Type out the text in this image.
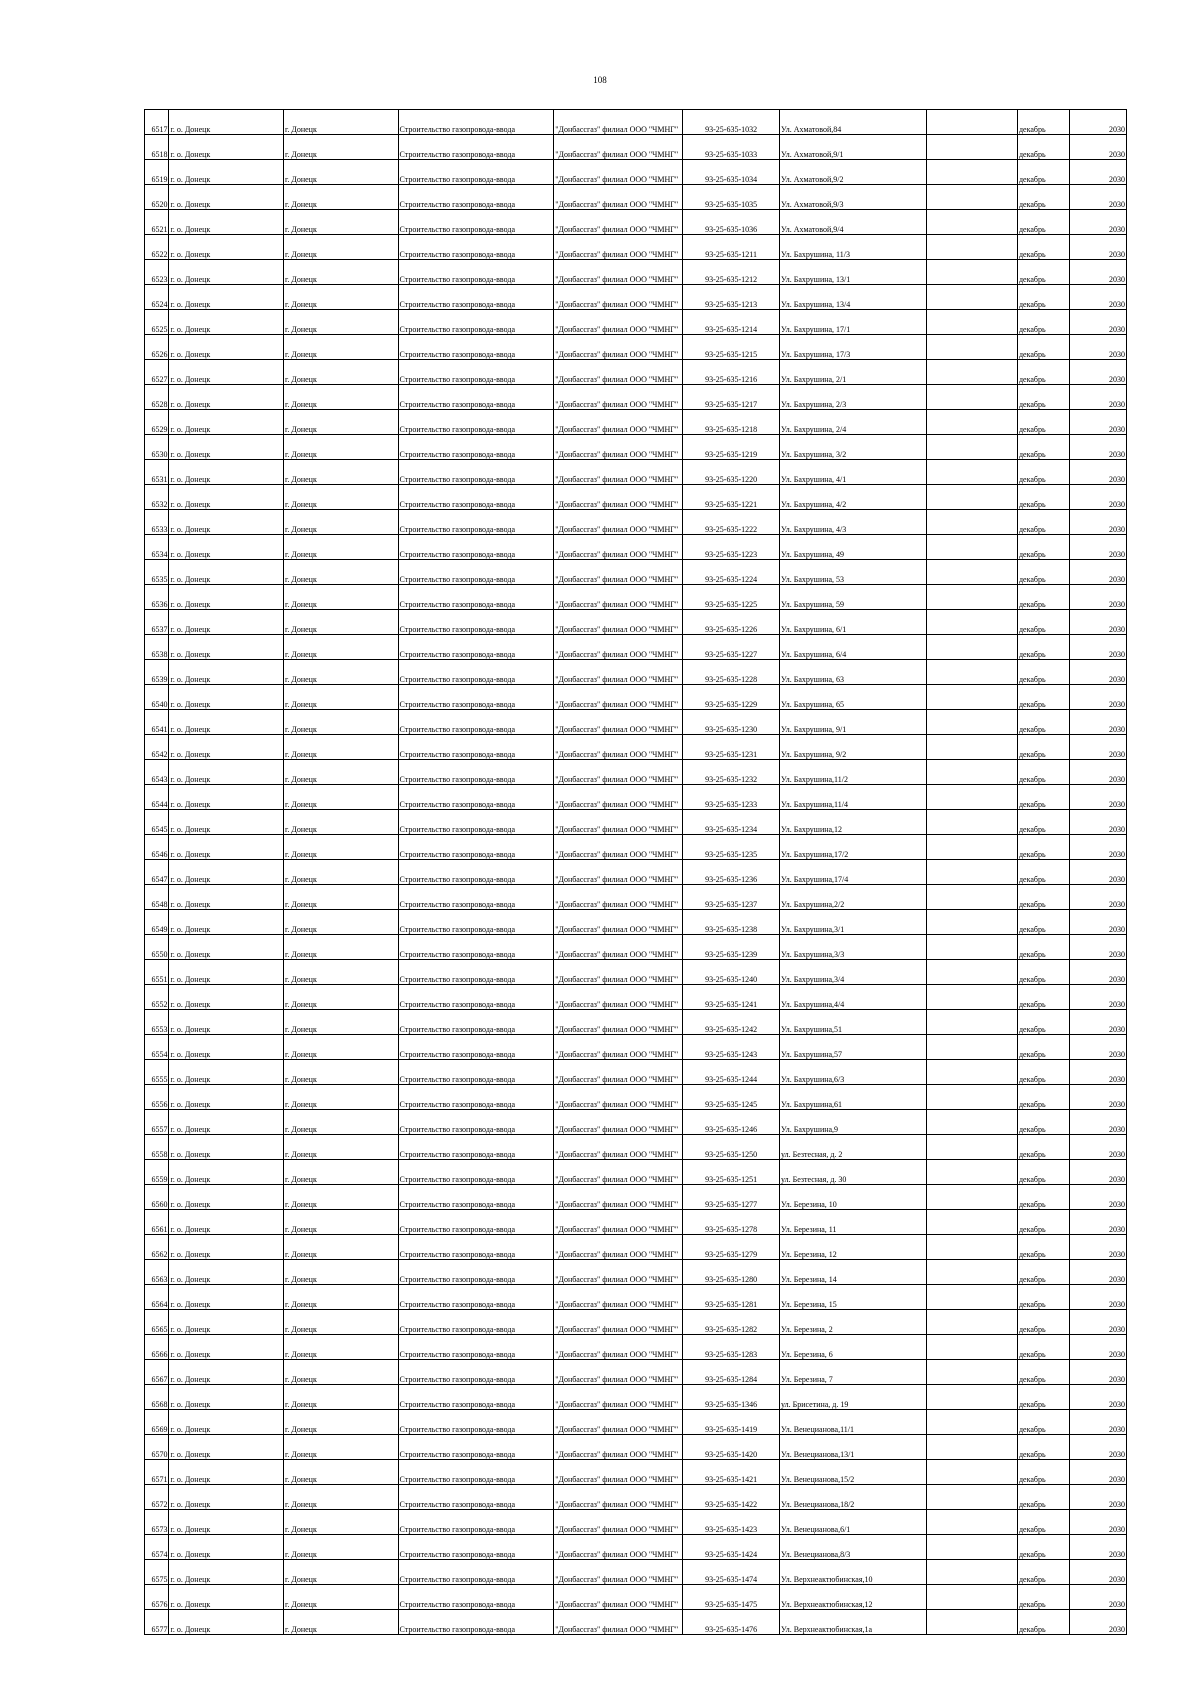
108
6517	г. о. Донецк	г. Донецк	Строительство газопровода-ввода	"Донбассгаз" филиал ООО "ЧМНГ"	93-25-635-1032	Ул. Ахматовой,84		декабрь	2030
6518	г. о. Донецк	г. Донецк	Строительство газопровода-ввода	"Донбассгаз" филиал ООО "ЧМНГ"	93-25-635-1033	Ул. Ахматовой,9/1		декабрь	2030
6519	г. о. Донецк	г. Донецк	Строительство газопровода-ввода	"Донбассгаз" филиал ООО "ЧМНГ"	93-25-635-1034	Ул. Ахматовой,9/2		декабрь	2030
6520	г. о. Донецк	г. Донецк	Строительство газопровода-ввода	"Донбассгаз" филиал ООО "ЧМНГ"	93-25-635-1035	Ул. Ахматовой,9/3		декабрь	2030
6521	г. о. Донецк	г. Донецк	Строительство газопровода-ввода	"Донбассгаз" филиал ООО "ЧМНГ"	93-25-635-1036	Ул. Ахматовой,9/4		декабрь	2030
6522	г. о. Донецк	г. Донецк	Строительство газопровода-ввода	"Донбассгаз" филиал ООО "ЧМНГ"	93-25-635-1211	Ул. Бахрушина, 11/3		декабрь	2030
6523	г. о. Донецк	г. Донецк	Строительство газопровода-ввода	"Донбассгаз" филиал ООО "ЧМНГ"	93-25-635-1212	Ул. Бахрушина, 13/1		декабрь	2030
6524	г. о. Донецк	г. Донецк	Строительство газопровода-ввода	"Донбассгаз" филиал ООО "ЧМНГ"	93-25-635-1213	Ул. Бахрушина, 13/4		декабрь	2030
6525	г. о. Донецк	г. Донецк	Строительство газопровода-ввода	"Донбассгаз" филиал ООО "ЧМНГ"	93-25-635-1214	Ул. Бахрушина, 17/1		декабрь	2030
6526	г. о. Донецк	г. Донецк	Строительство газопровода-ввода	"Донбассгаз" филиал ООО "ЧМНГ"	93-25-635-1215	Ул. Бахрушина, 17/3		декабрь	2030
6527	г. о. Донецк	г. Донецк	Строительство газопровода-ввода	"Донбассгаз" филиал ООО "ЧМНГ"	93-25-635-1216	Ул. Бахрушина, 2/1		декабрь	2030
6528	г. о. Донецк	г. Донецк	Строительство газопровода-ввода	"Донбассгаз" филиал ООО "ЧМНГ"	93-25-635-1217	Ул. Бахрушина, 2/3		декабрь	2030
6529	г. о. Донецк	г. Донецк	Строительство газопровода-ввода	"Донбассгаз" филиал ООО "ЧМНГ"	93-25-635-1218	Ул. Бахрушина, 2/4		декабрь	2030
6530	г. о. Донецк	г. Донецк	Строительство газопровода-ввода	"Донбассгаз" филиал ООО "ЧМНГ"	93-25-635-1219	Ул. Бахрушина, 3/2		декабрь	2030
6531	г. о. Донецк	г. Донецк	Строительство газопровода-ввода	"Донбассгаз" филиал ООО "ЧМНГ"	93-25-635-1220	Ул. Бахрушина, 4/1		декабрь	2030
6532	г. о. Донецк	г. Донецк	Строительство газопровода-ввода	"Донбассгаз" филиал ООО "ЧМНГ"	93-25-635-1221	Ул. Бахрушина, 4/2		декабрь	2030
6533	г. о. Донецк	г. Донецк	Строительство газопровода-ввода	"Донбассгаз" филиал ООО "ЧМНГ"	93-25-635-1222	Ул. Бахрушина, 4/3		декабрь	2030
6534	г. о. Донецк	г. Донецк	Строительство газопровода-ввода	"Донбассгаз" филиал ООО "ЧМНГ"	93-25-635-1223	Ул. Бахрушина, 49		декабрь	2030
6535	г. о. Донецк	г. Донецк	Строительство газопровода-ввода	"Донбассгаз" филиал ООО "ЧМНГ"	93-25-635-1224	Ул. Бахрушина, 53		декабрь	2030
6536	г. о. Донецк	г. Донецк	Строительство газопровода-ввода	"Донбассгаз" филиал ООО "ЧМНГ"	93-25-635-1225	Ул. Бахрушина, 59		декабрь	2030
6537	г. о. Донецк	г. Донецк	Строительство газопровода-ввода	"Донбассгаз" филиал ООО "ЧМНГ"	93-25-635-1226	Ул. Бахрушина, 6/1		декабрь	2030
6538	г. о. Донецк	г. Донецк	Строительство газопровода-ввода	"Донбассгаз" филиал ООО "ЧМНГ"	93-25-635-1227	Ул. Бахрушина, 6/4		декабрь	2030
6539	г. о. Донецк	г. Донецк	Строительство газопровода-ввода	"Донбассгаз" филиал ООО "ЧМНГ"	93-25-635-1228	Ул. Бахрушина, 63		декабрь	2030
6540	г. о. Донецк	г. Донецк	Строительство газопровода-ввода	"Донбассгаз" филиал ООО "ЧМНГ"	93-25-635-1229	Ул. Бахрушина, 65		декабрь	2030
6541	г. о. Донецк	г. Донецк	Строительство газопровода-ввода	"Донбассгаз" филиал ООО "ЧМНГ"	93-25-635-1230	Ул. Бахрушина, 9/1		декабрь	2030
6542	г. о. Донецк	г. Донецк	Строительство газопровода-ввода	"Донбассгаз" филиал ООО "ЧМНГ"	93-25-635-1231	Ул. Бахрушина, 9/2		декабрь	2030
6543	г. о. Донецк	г. Донецк	Строительство газопровода-ввода	"Донбассгаз" филиал ООО "ЧМНГ"	93-25-635-1232	Ул. Бахрушина,11/2		декабрь	2030
6544	г. о. Донецк	г. Донецк	Строительство газопровода-ввода	"Донбассгаз" филиал ООО "ЧМНГ"	93-25-635-1233	Ул. Бахрушина,11/4		декабрь	2030
6545	г. о. Донецк	г. Донецк	Строительство газопровода-ввода	"Донбассгаз" филиал ООО "ЧМНГ"	93-25-635-1234	Ул. Бахрушина,12		декабрь	2030
6546	г. о. Донецк	г. Донецк	Строительство газопровода-ввода	"Донбассгаз" филиал ООО "ЧМНГ"	93-25-635-1235	Ул. Бахрушина,17/2		декабрь	2030
6547	г. о. Донецк	г. Донецк	Строительство газопровода-ввода	"Донбассгаз" филиал ООО "ЧМНГ"	93-25-635-1236	Ул. Бахрушина,17/4		декабрь	2030
6548	г. о. Донецк	г. Донецк	Строительство газопровода-ввода	"Донбассгаз" филиал ООО "ЧМНГ"	93-25-635-1237	Ул. Бахрушина,2/2		декабрь	2030
6549	г. о. Донецк	г. Донецк	Строительство газопровода-ввода	"Донбассгаз" филиал ООО "ЧМНГ"	93-25-635-1238	Ул. Бахрушина,3/1		декабрь	2030
6550	г. о. Донецк	г. Донецк	Строительство газопровода-ввода	"Донбассгаз" филиал ООО "ЧМНГ"	93-25-635-1239	Ул. Бахрушина,3/3		декабрь	2030
6551	г. о. Донецк	г. Донецк	Строительство газопровода-ввода	"Донбассгаз" филиал ООО "ЧМНГ"	93-25-635-1240	Ул. Бахрушина,3/4		декабрь	2030
6552	г. о. Донецк	г. Донецк	Строительство газопровода-ввода	"Донбассгаз" филиал ООО "ЧМНГ"	93-25-635-1241	Ул. Бахрушина,4/4		декабрь	2030
6553	г. о. Донецк	г. Донецк	Строительство газопровода-ввода	"Донбассгаз" филиал ООО "ЧМНГ"	93-25-635-1242	Ул. Бахрушина,51		декабрь	2030
6554	г. о. Донецк	г. Донецк	Строительство газопровода-ввода	"Донбассгаз" филиал ООО "ЧМНГ"	93-25-635-1243	Ул. Бахрушина,57		декабрь	2030
6555	г. о. Донецк	г. Донецк	Строительство газопровода-ввода	"Донбассгаз" филиал ООО "ЧМНГ"	93-25-635-1244	Ул. Бахрушина,6/3		декабрь	2030
6556	г. о. Донецк	г. Донецк	Строительство газопровода-ввода	"Донбассгаз" филиал ООО "ЧМНГ"	93-25-635-1245	Ул. Бахрушина,61		декабрь	2030
6557	г. о. Донецк	г. Донецк	Строительство газопровода-ввода	"Донбассгаз" филиал ООО "ЧМНГ"	93-25-635-1246	Ул. Бахрушина,9		декабрь	2030
6558	г. о. Донецк	г. Донецк	Строительство газопровода-ввода	"Донбассгаз" филиал ООО "ЧМНГ"	93-25-635-1250	ул. Безтесная, д. 2		декабрь	2030
6559	г. о. Донецк	г. Донецк	Строительство газопровода-ввода	"Донбассгаз" филиал ООО "ЧМНГ"	93-25-635-1251	ул. Безтесная, д. 30		декабрь	2030
6560	г. о. Донецк	г. Донецк	Строительство газопровода-ввода	"Донбассгаз" филиал ООО "ЧМНГ"	93-25-635-1277	Ул. Березина, 10		декабрь	2030
6561	г. о. Донецк	г. Донецк	Строительство газопровода-ввода	"Донбассгаз" филиал ООО "ЧМНГ"	93-25-635-1278	Ул. Березина, 11		декабрь	2030
6562	г. о. Донецк	г. Донецк	Строительство газопровода-ввода	"Донбассгаз" филиал ООО "ЧМНГ"	93-25-635-1279	Ул. Березина, 12		декабрь	2030
6563	г. о. Донецк	г. Донецк	Строительство газопровода-ввода	"Донбассгаз" филиал ООО "ЧМНГ"	93-25-635-1280	Ул. Березина, 14		декабрь	2030
6564	г. о. Донецк	г. Донецк	Строительство газопровода-ввода	"Донбассгаз" филиал ООО "ЧМНГ"	93-25-635-1281	Ул. Березина, 15		декабрь	2030
6565	г. о. Донецк	г. Донецк	Строительство газопровода-ввода	"Донбассгаз" филиал ООО "ЧМНГ"	93-25-635-1282	Ул. Березина, 2		декабрь	2030
6566	г. о. Донецк	г. Донецк	Строительство газопровода-ввода	"Донбассгаз" филиал ООО "ЧМНГ"	93-25-635-1283	Ул. Березина, 6		декабрь	2030
6567	г. о. Донецк	г. Донецк	Строительство газопровода-ввода	"Донбассгаз" филиал ООО "ЧМНГ"	93-25-635-1284	Ул. Березина, 7		декабрь	2030
6568	г. о. Донецк	г. Донецк	Строительство газопровода-ввода	"Донбассгаз" филиал ООО "ЧМНГ"	93-25-635-1346	ул. Брисетина, д. 19		декабрь	2030
6569	г. о. Донецк	г. Донецк	Строительство газопровода-ввода	"Донбассгаз" филиал ООО "ЧМНГ"	93-25-635-1419	Ул. Венецианова,11/1		декабрь	2030
6570	г. о. Донецк	г. Донецк	Строительство газопровода-ввода	"Донбассгаз" филиал ООО "ЧМНГ"	93-25-635-1420	Ул. Венецианова,13/1		декабрь	2030
6571	г. о. Донецк	г. Донецк	Строительство газопровода-ввода	"Донбассгаз" филиал ООО "ЧМНГ"	93-25-635-1421	Ул. Венецианова,15/2		декабрь	2030
6572	г. о. Донецк	г. Донецк	Строительство газопровода-ввода	"Донбассгаз" филиал ООО "ЧМНГ"	93-25-635-1422	Ул. Венецианова,18/2		декабрь	2030
6573	г. о. Донецк	г. Донецк	Строительство газопровода-ввода	"Донбассгаз" филиал ООО "ЧМНГ"	93-25-635-1423	Ул. Венецианова,6/1		декабрь	2030
6574	г. о. Донецк	г. Донецк	Строительство газопровода-ввода	"Донбассгаз" филиал ООО "ЧМНГ"	93-25-635-1424	Ул. Венецианова,8/3		декабрь	2030
6575	г. о. Донецк	г. Донецк	Строительство газопровода-ввода	"Донбассгаз" филиал ООО "ЧМНГ"	93-25-635-1474	Ул. Верхнеактюбинская,10		декабрь	2030
6576	г. о. Донецк	г. Донецк	Строительство газопровода-ввода	"Донбассгаз" филиал ООО "ЧМНГ"	93-25-635-1475	Ул. Верхнеактюбинская,12		декабрь	2030
6577	г. о. Донецк	г. Донецк	Строительство газопровода-ввода	"Донбассгаз" филиал ООО "ЧМНГ"	93-25-635-1476	Ул. Верхнеактюбинская,1а		декабрь	2030
